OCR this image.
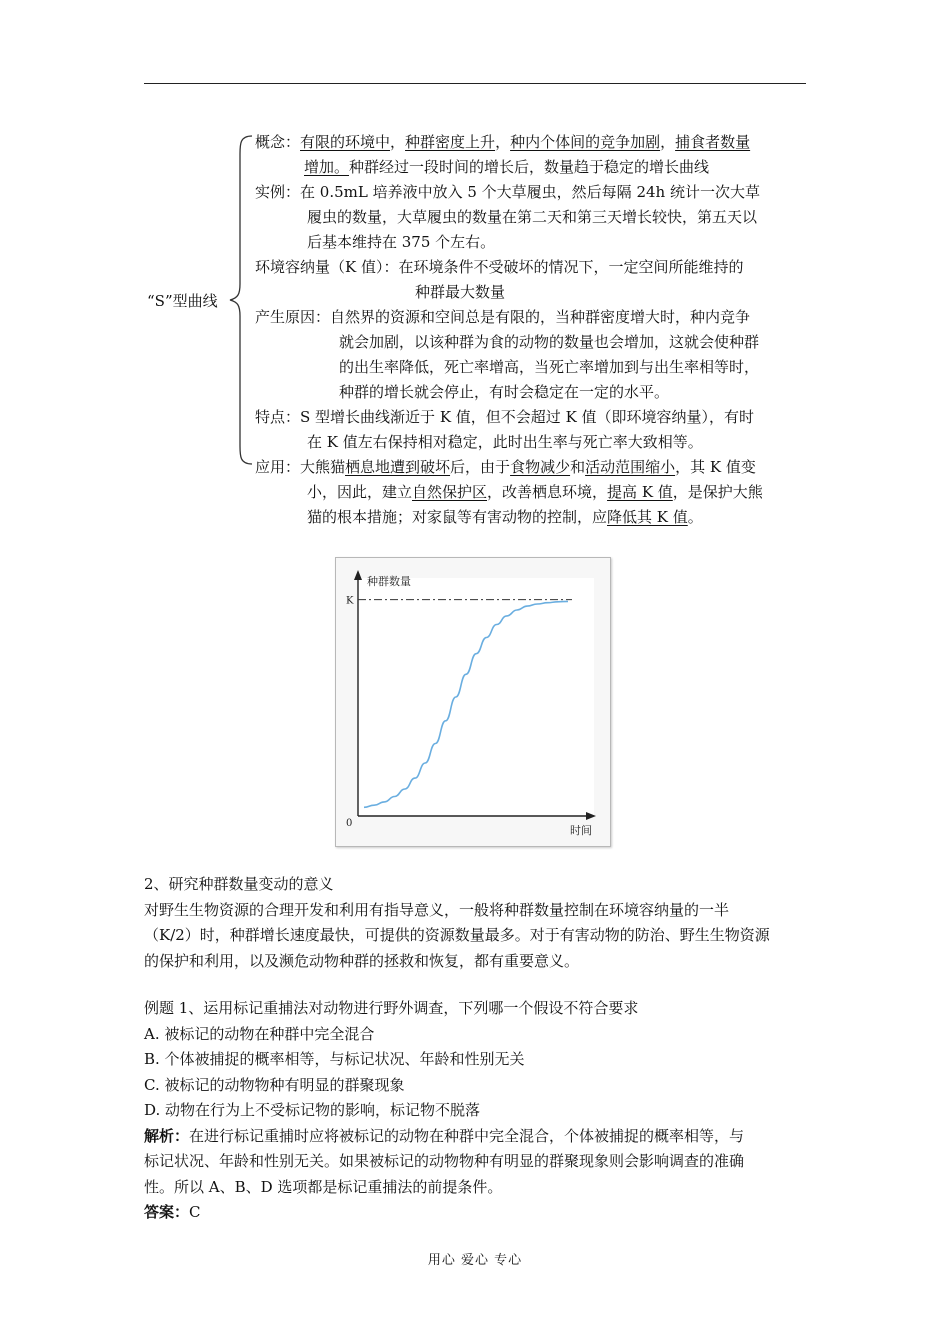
“S”型曲线
概念：有限的环境中，种群密度上升，种内个体间的竞争加剧，捕食者数量
增加。种群经过一段时间的增长后，数量趋于稳定的增长曲线
实例：在 0.5mL 培养液中放入 5 个大草履虫，然后每隔 24h 统计一次大草
履虫的数量，大草履虫的数量在第二天和第三天增长较快，第五天以
后基本维持在 375 个左右。
环境容纳量（K 值）：在环境条件不受破坏的情况下，一定空间所能维持的
种群最大数量
产生原因：自然界的资源和空间总是有限的，当种群密度增大时，种内竞争
就会加剧，以该种群为食的动物的数量也会增加，这就会使种群
的出生率降低，死亡率增高，当死亡率增加到与出生率相等时，
种群的增长就会停止，有时会稳定在一定的水平。
特点：S 型增长曲线渐近于 K 值，但不会超过 K 值（即环境容纳量），有时
在 K 值左右保持相对稳定，此时出生率与死亡率大致相等。
应用：大熊猫栖息地遭到破坏后，由于食物减少和活动范围缩小，其 K 值变
小，因此，建立自然保护区，改善栖息环境，提高 K 值，是保护大熊
猫的根本措施；对家鼠等有害动物的控制，应降低其 K 值。
种群数量
时间
K
0

2、研究种群数量变动的意义

对野生生物资源的合理开发和利用有指导意义，一般将种群数量控制在环境容纳量的一半

（K/2）时，种群增长速度最快，可提供的资源数量最多。对于有害动物的防治、野生生物资源

的保护和利用，以及濒危动物种群的拯救和恢复，都有重要意义。

例题 1、运用标记重捕法对动物进行野外调查，下列哪一个假设不符合要求

A. 被标记的动物在种群中完全混合

B. 个体被捕捉的概率相等，与标记状况、年龄和性别无关

C. 被标记的动物物种有明显的群聚现象

D. 动物在行为上不受标记物的影响，标记物不脱落

解析：在进行标记重捕时应将被标记的动物在种群中完全混合，个体被捕捉的概率相等，与

标记状况、年龄和性别无关。如果被标记的动物物种有明显的群聚现象则会影响调查的准确

性。所以 A、B、D 选项都是标记重捕法的前提条件。

答案：C

用心 爱心 专心
